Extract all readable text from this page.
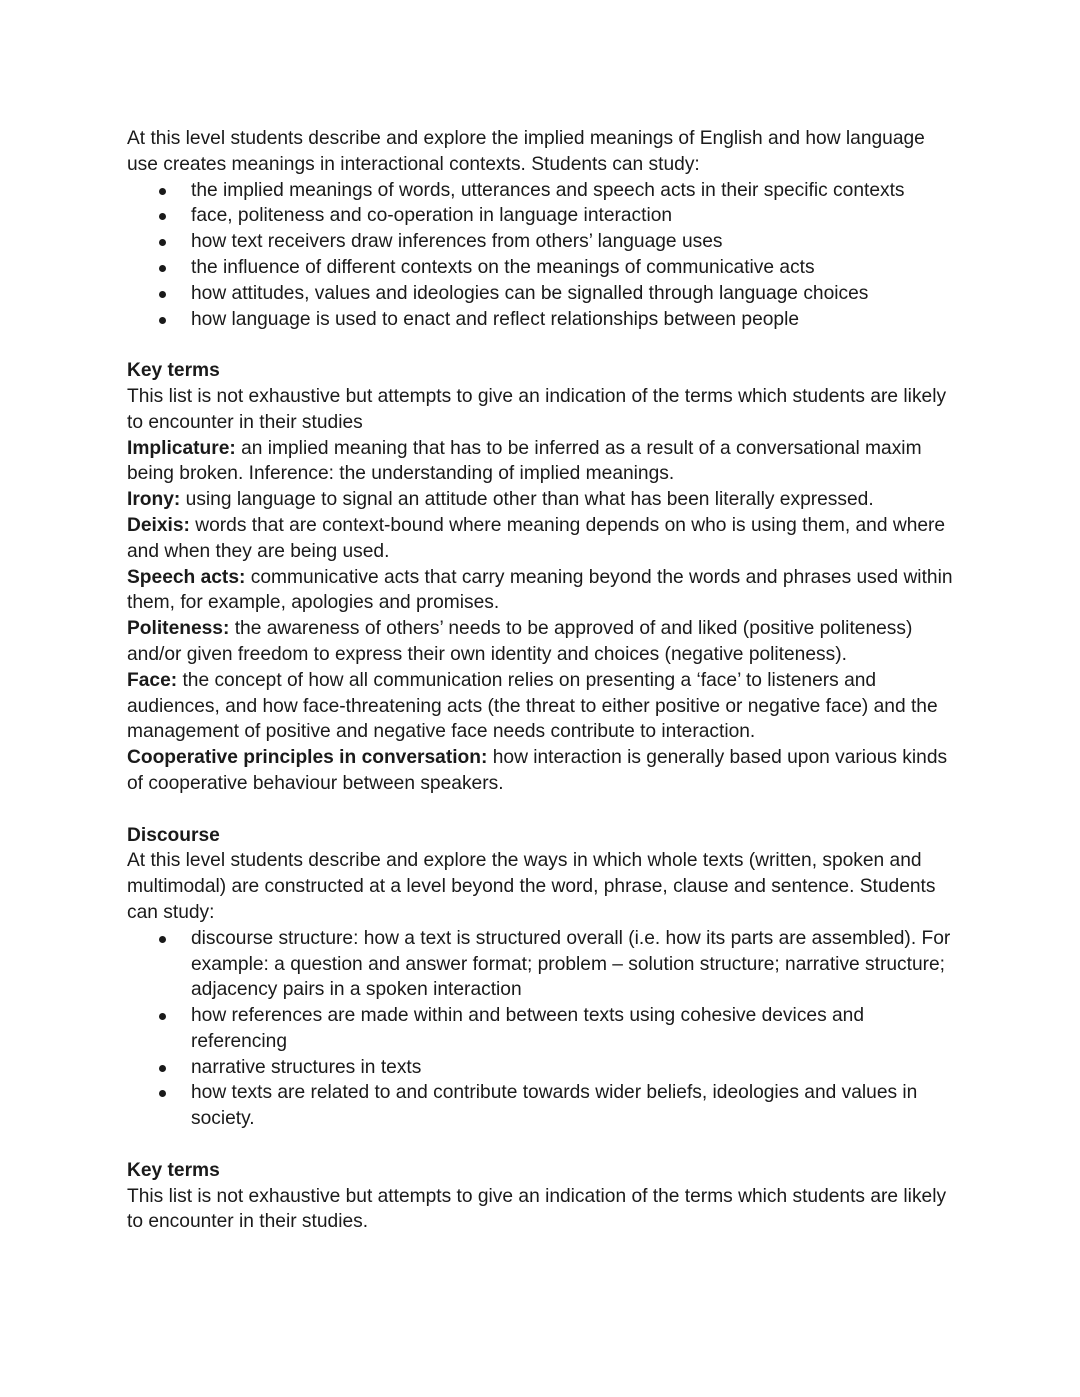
At this level students describe and explore the implied meanings of English and how language use creates meanings in interactional contexts. Students can study:

the implied meanings of words, utterances and speech acts in their specific contexts
face, politeness and co-operation in language interaction
how text receivers draw inferences from others’ language uses
the influence of different contexts on the meanings of communicative acts
how attitudes, values and ideologies can be signalled through language choices
how language is used to enact and reflect relationships between people

Key terms

This list is not exhaustive but attempts to give an indication of the terms which students are likely to encounter in their studies

Implicature: an implied meaning that has to be inferred as a result of a conversational maxim being broken. Inference: the understanding of implied meanings.

Irony: using language to signal an attitude other than what has been literally expressed.

Deixis: words that are context-bound where meaning depends on who is using them, and where and when they are being used.

Speech acts: communicative acts that carry meaning beyond the words and phrases used within them, for example, apologies and promises.

Politeness: the awareness of others’ needs to be approved of and liked (positive politeness) and/or given freedom to express their own identity and choices (negative politeness).

Face: the concept of how all communication relies on presenting a ‘face’ to listeners and audiences, and how face-threatening acts (the threat to either positive or negative face) and the management of positive and negative face needs contribute to interaction.

Cooperative principles in conversation: how interaction is generally based upon various kinds of cooperative behaviour between speakers.

Discourse

At this level students describe and explore the ways in which whole texts (written, spoken and multimodal) are constructed at a level beyond the word, phrase, clause and sentence. Students can study:

discourse structure: how a text is structured overall (i.e. how its parts are assembled). For example: a question and answer format; problem – solution structure; narrative structure; adjacency pairs in a spoken interaction
how references are made within and between texts using cohesive devices and referencing
narrative structures in texts
how texts are related to and contribute towards wider beliefs, ideologies and values in society.

Key terms

This list is not exhaustive but attempts to give an indication of the terms which students are likely to encounter in their studies.
